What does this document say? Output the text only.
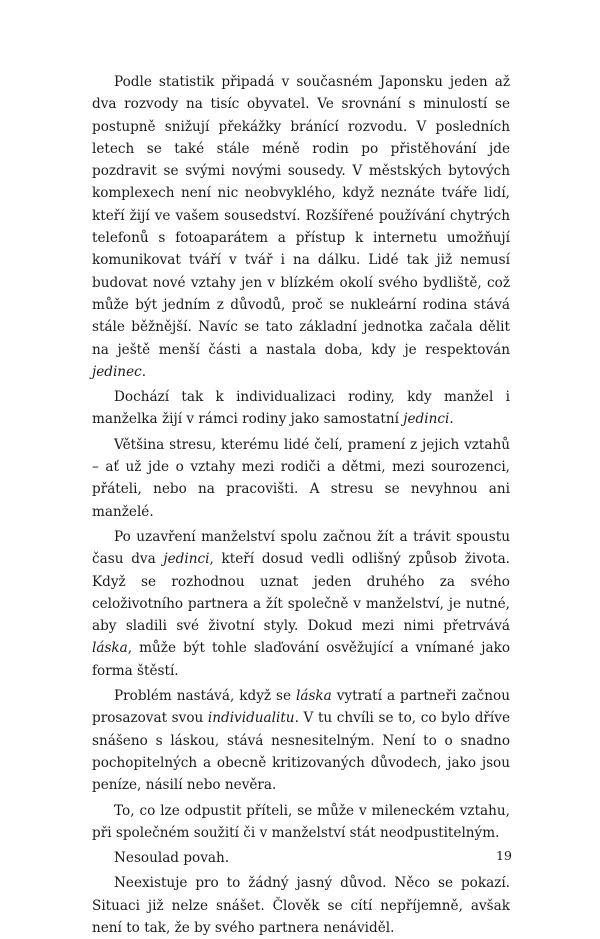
Podle statistik připadá v současném Japonsku jeden až dva rozvody na tisíc obyvatel. Ve srovnání s minulostí se postupně snižují překážky bránící rozvodu. V posledních letech se také stále méně rodin po přistěhování jde pozdravit se svými novými sousedy. V městských bytových komplexech není nic neobvyklého, když neznáte tváře lidí, kteří žijí ve vašem sousedství. Rozšířené používání chytrých telefonů s fotoaparátem a přístup k internetu umožňují komunikovat tváří v tvář i na dálku. Lidé tak již nemusí budovat nové vztahy jen v blízkém okolí svého bydliště, což může být jedním z důvodů, proč se nukleární rodina stává stále běžnější. Navíc se tato základní jednotka začala dělit na ještě menší části a nastala doba, kdy je respektován jedinec.

Dochází tak k individualizaci rodiny, kdy manžel i manželka žijí v rámci rodiny jako samostatní jedinci.

Většina stresu, kterému lidé čelí, pramení z jejich vztahů – ať už jde o vztahy mezi rodiči a dětmi, mezi sourozenci, přáteli, nebo na pracovišti. A stresu se nevyhnou ani manželé.

Po uzavření manželství spolu začnou žít a trávit spoustu času dva jedinci, kteří dosud vedli odlišný způsob života. Když se rozhodnou uznat jeden druhého za svého celoživotního partnera a žít společně v manželství, je nutné, aby sladili své životní styly. Dokud mezi nimi přetrvává láska, může být tohle slaďování osvěžující a vnímané jako forma štěstí.

Problém nastává, když se láska vytratí a partneři začnou prosazovat svou individualitu. V tu chvíli se to, co bylo dříve snášeno s láskou, stává nesnesitelným. Není to o snadno pochopitelných a obecně kritizovaných důvodech, jako jsou peníze, násilí nebo nevěra.

To, co lze odpustit příteli, se může v mileneckém vztahu, při společném soužití či v manželství stát neodpustitelným.

Nesoulad povah.

Neexistuje pro to žádný jasný důvod. Něco se pokazí. Situaci již nelze snášet. Člověk se cítí nepříjemně, avšak není to tak, že by svého partnera nenáviděl.

19
